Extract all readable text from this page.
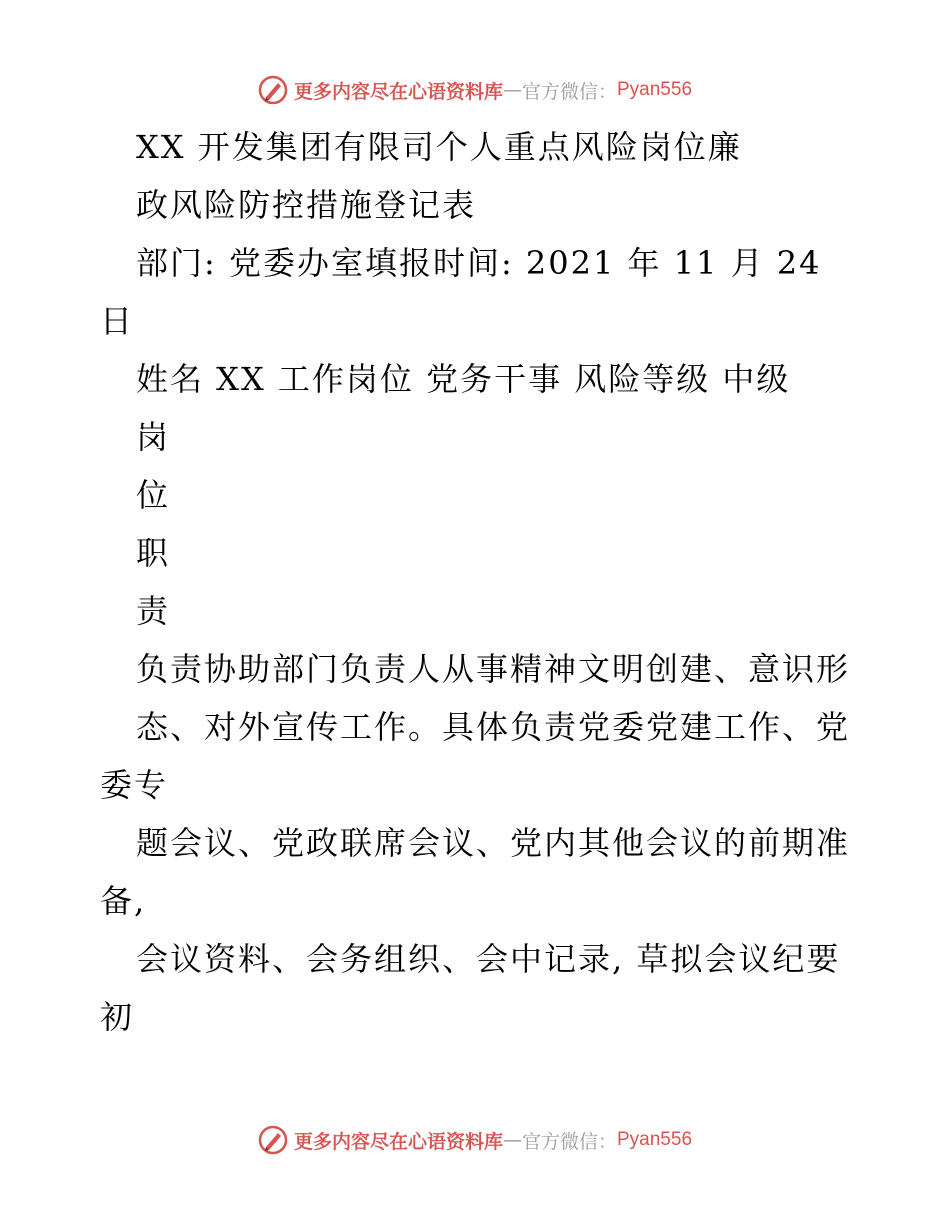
更多内容尽在心语资料库 — 官方微信： Pyan556
XX 开发集团有限司个人重点风险岗位廉
政风险防控措施登记表
部门: 党委办室填报时间: 2021 年 11 月 24
日
姓名 XX 工作岗位 党务干事 风险等级 中级
岗
位
职
责
负责协助部门负责人从事精神文明创建、意识形
态、对外宣传工作。具体负责党委党建工作、党
委专
题会议、党政联席会议、党内其他会议的前期准
备,
会议资料、会务组织、会中记录, 草拟会议纪要
初
更多内容尽在心语资料库 — 官方微信： Pyan556
